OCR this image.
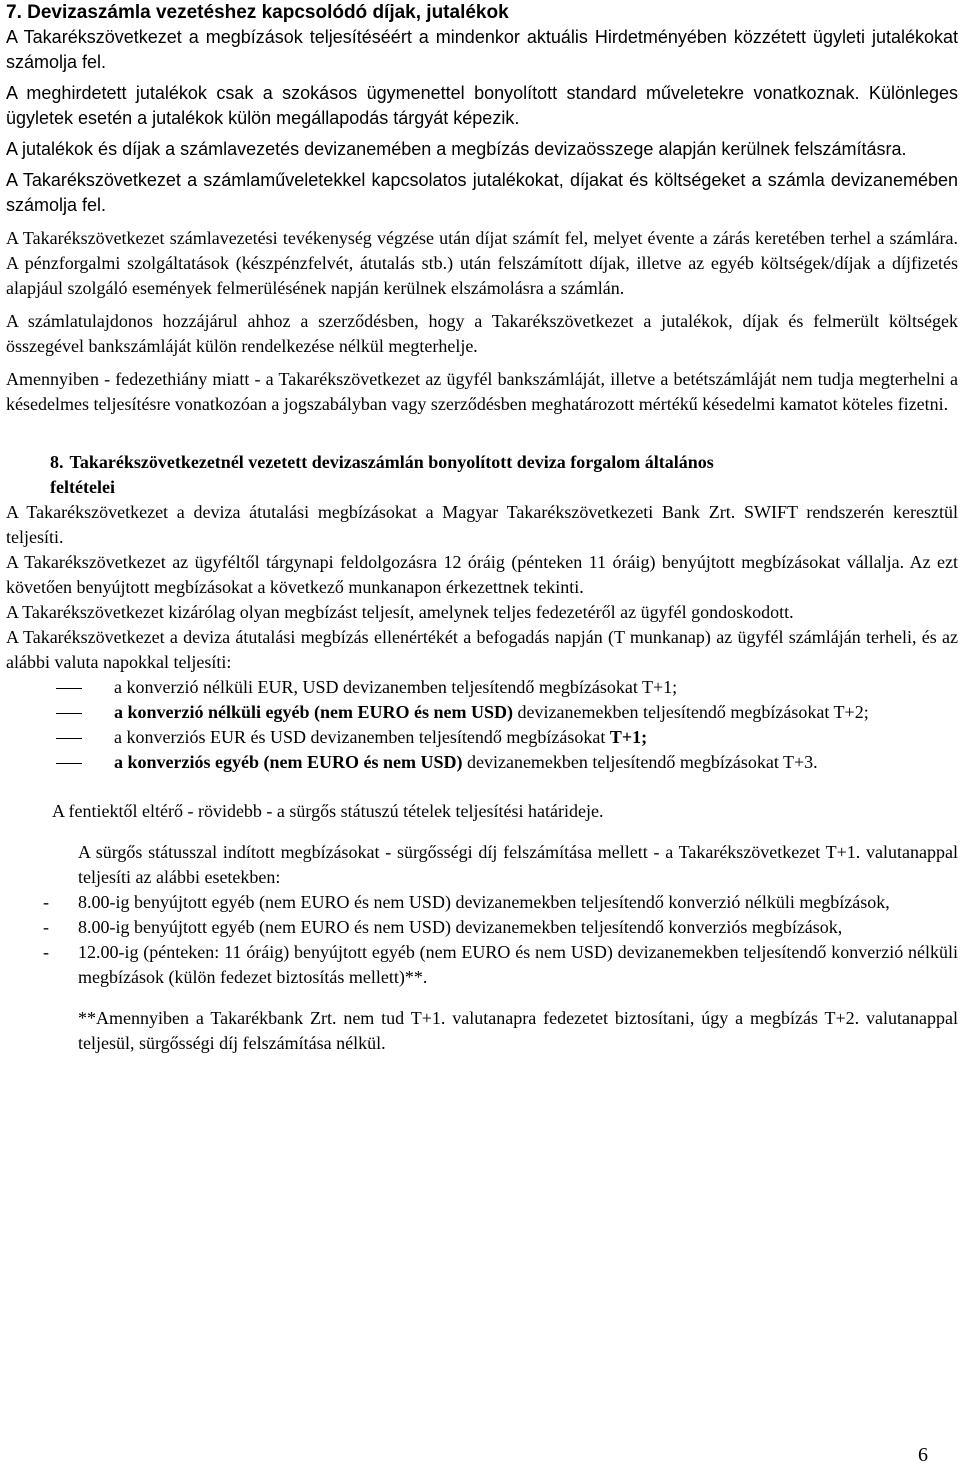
7. Devizaszámla vezetéshez kapcsolódó díjak, jutalékok

A Takarékszövetkezet a megbízások teljesítéséért a mindenkor aktuális Hirdetményében közzétett ügyleti jutalékokat számolja fel.

A meghirdetett jutalékok csak a szokásos ügymenettel bonyolított standard műveletekre vonatkoznak. Különleges ügyletek esetén a jutalékok külön megállapodás tárgyát képezik.

A jutalékok és díjak a számlavezetés devizanemében a megbízás devizaösszege alapján kerülnek felszámításra.

A Takarékszövetkezet a számlaműveletekkel kapcsolatos jutalékokat, díjakat és költségeket a számla devizanemében számolja fel.

A Takarékszövetkezet számlavezetési tevékenység végzése után díjat számít fel, melyet évente a zárás keretében terhel a számlára. A pénzforgalmi szolgáltatások (készpénzfelvét, átutalás stb.) után felszámított díjak, illetve az egyéb költségek/díjak a díjfizetés alapjául szolgáló események felmerülésének napján kerülnek elszámolásra a számlán.

A számlatulajdonos hozzájárul ahhoz a szerződésben, hogy a Takarékszövetkezet a jutalékok, díjak és felmerült költségek összegével bankszámláját külön rendelkezése nélkül megterhelje.

Amennyiben - fedezethiány miatt - a Takarékszövetkezet az ügyfél bankszámláját, illetve a betétszámláját nem tudja megterhelni a késedelmes teljesítésre vonatkozóan a jogszabályban vagy szerződésben meghatározott mértékű késedelmi kamatot köteles fizetni.

8. Takarékszövetkezetnél vezetett devizaszámlán bonyolított deviza forgalom általános
feltételei

A Takarékszövetkezet a deviza átutalási megbízásokat a Magyar Takarékszövetkezeti Bank Zrt. SWIFT rendszerén keresztül teljesíti.

A Takarékszövetkezet az ügyféltől tárgynapi feldolgozásra 12 óráig (pénteken 11 óráig) benyújtott megbízásokat vállalja. Az ezt követően benyújtott megbízásokat a következő munkanapon érkezettnek tekinti.

A Takarékszövetkezet kizárólag olyan megbízást teljesít, amelynek teljes fedezetéről az ügyfél gondoskodott.

A Takarékszövetkezet a deviza átutalási megbízás ellenértékét a befogadás napján (T munkanap) az ügyfél számláján terheli, és az alábbi valuta napokkal teljesíti:

a konverzió nélküli EUR, USD devizanemben teljesítendő megbízásokat T+1;
a konverzió nélküli egyéb (nem EURO és nem USD) devizanemekben teljesítendő megbízásokat T+2;
a konverziós EUR és USD devizanemben teljesítendő megbízásokat T+1;
a konverziós egyéb (nem EURO és nem USD) devizanemekben teljesítendő megbízásokat T+3.

A fentiektől eltérő - rövidebb - a sürgős státuszú tételek teljesítési határideje.

A sürgős státusszal indított megbízásokat - sürgősségi díj felszámítása mellett - a Takarékszövetkezet T+1. valutanappal teljesíti az alábbi esetekben:

- 8.00-ig benyújtott egyéb (nem EURO és nem USD) devizanemekben teljesítendő konverzió nélküli megbízások,
- 8.00-ig benyújtott egyéb (nem EURO és nem USD) devizanemekben teljesítendő konverziós megbízások,
- 12.00-ig (pénteken: 11 óráig) benyújtott egyéb (nem EURO és nem USD) devizanemekben teljesítendő konverzió nélküli megbízások (külön fedezet biztosítás mellett)**.

**Amennyiben a Takarékbank Zrt. nem tud T+1. valutanapra fedezetet biztosítani, úgy a megbízás T+2. valutanappal teljesül, sürgősségi díj felszámítása nélkül.

6
